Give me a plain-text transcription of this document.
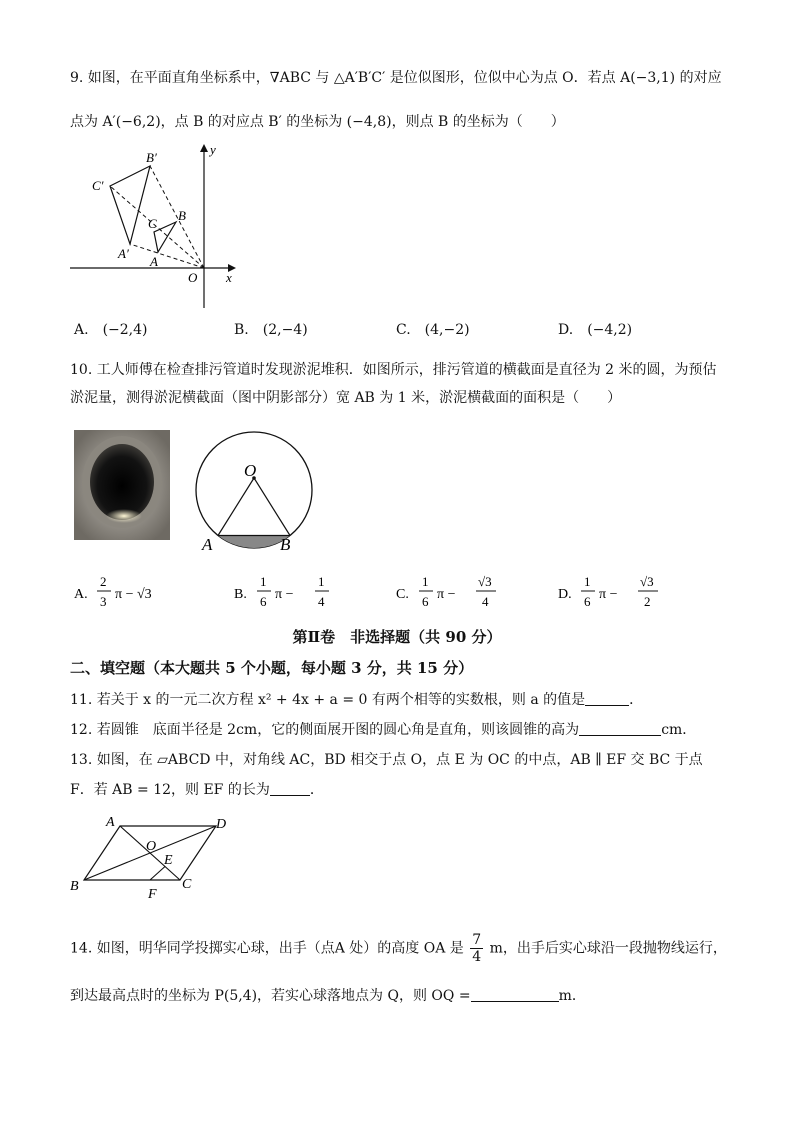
9. 如图，在平面直角坐标系中，∇ABC 与 △A′B′C′ 是位似图形，位似中心为点 O．若点 A(−3,1) 的对应
点为 A′(−6,2)，点 B 的对应点 B′ 的坐标为 (−4,8)，则点 B 的坐标为（　　）
y
x
O
B′
C′
A′
B
C
A
A.　 (−2,4)	B.　 (2,−4)	C.　 (4,−2)	D.　 (−4,2)
10. 工人师傅在检查排污管道时发现淤泥堆积．如图所示，排污管道的横截面是直径为 2 米的圆，为预估
淤泥量，测得淤泥横截面（图中阴影部分）宽 AB 为 1 米，淤泥横截面的面积是（　　）
O
A	B
A.
2
3 π − √3	B.
1
6 π −
1
4	C.
1
6 π −
√3
4	D.
1
6 π −
√3
2
第Ⅱ卷　非选择题（共 90 分）
二、填空题（本大题共 5 个小题，每小题 3 分，共 15 分）
11. 若关于 x 的一元二次方程 x² + 4x + a = 0 有两个相等的实数根，则 a 的值是	．
12. 若圆锥　底面半径是 2cm，它的侧面展开图的圆心角是直角，则该圆锥的高为	cm．
13. 如图，在 ▱ABCD 中，对角线 AC，BD 相交于点 O，点 E 为 OC 的中点，AB ∥ EF 交 BC 于点
F．若 AB = 12，则 EF 的长为	．
A	D
B	C
O
E
F
14. 如图，明华同学投掷实心球，出手（点A 处）的高度 OA 是 $\frac{7}{4}$ m，出手后实心球沿一段抛物线运行，
到达最高点时的坐标为 P(5,4)，若实心球落地点为 Q，则 OQ =	m．
